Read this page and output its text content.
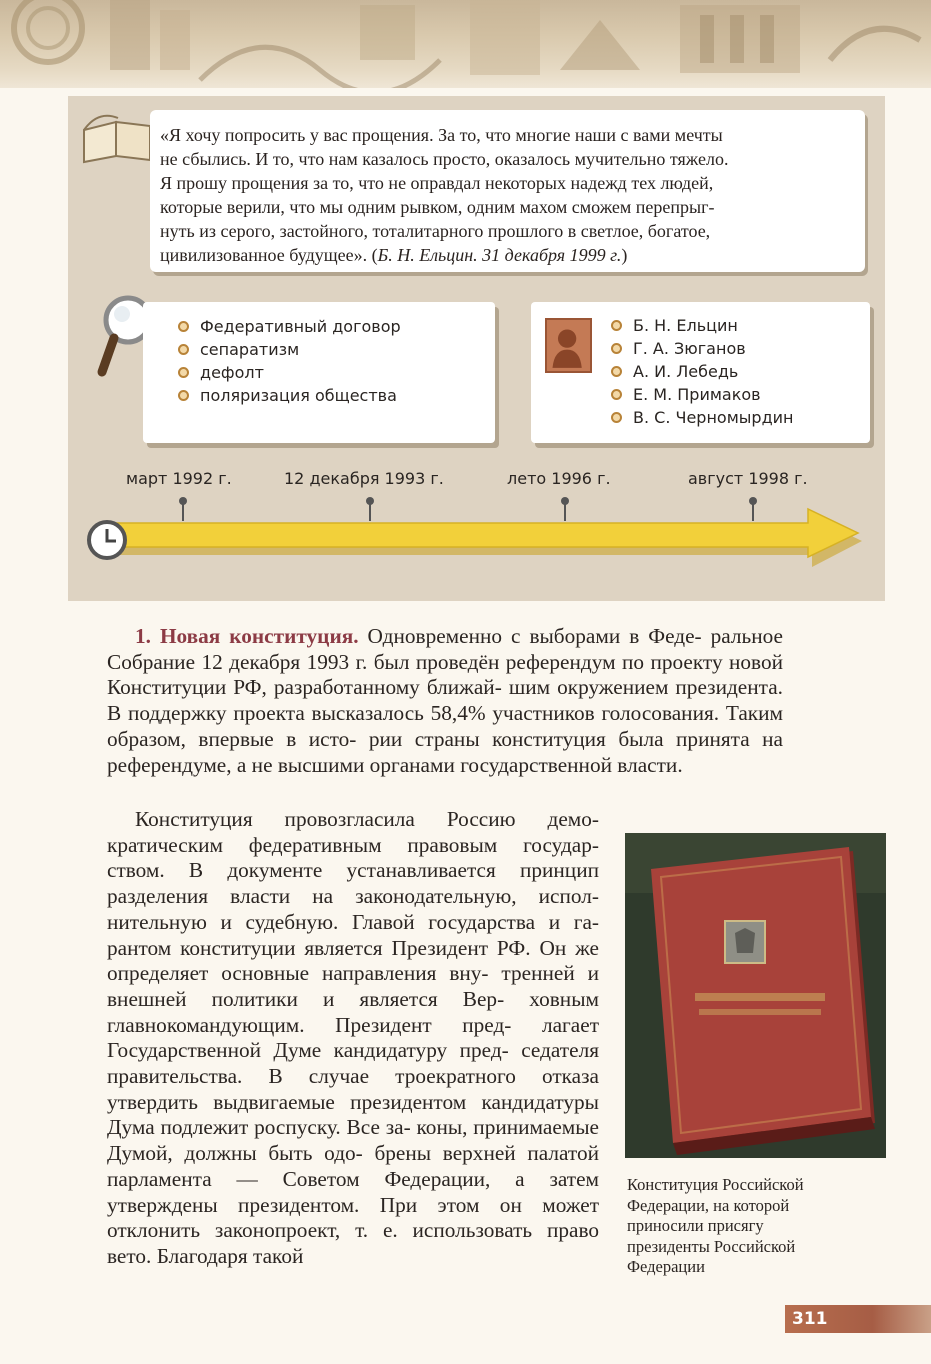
«Я хочу попросить у вас прощения. За то, что многие наши с вами мечты
не сбылись. И то, что нам казалось просто, оказалось мучительно тяжело.
Я прошу прощения за то, что не оправдал некоторых надежд тех людей,
которые верили, что мы одним рывком, одним махом сможем перепрыг-
нуть из серого, застойного, тоталитарного прошлого в светлое, богатое,
цивилизованное будущее». (Б. Н. Ельцин. 31 декабря 1999 г.)

Федеративный договор
сепаратизм
дефолт
поляризация общества
Б. Н. Ельцин
Г. А. Зюганов
А. И. Лебедь
Е. М. Примаков
В. С. Черномырдин
март 1992 г.	12 декабря 1993 г.	лето 1996 г.	август 1998 г.

1. Новая конституция. Одновременно с выборами в Феде- ральное Собрание 12 декабря 1993 г. был проведён референдум по проекту новой Конституции РФ, разработанному ближай- шим окружением президента. В поддержку проекта высказалось 58,4% участников голосования. Таким образом, впервые в исто- рии страны конституция была принята на референдуме, а не высшими органами государственной власти.

Конституция провозгласила Россию демо- кратическим федеративным правовым государ- ством. В документе устанавливается принцип разделения власти на законодательную, испол- нительную и судебную. Главой государства и га- рантом конституции является Президент РФ. Он же определяет основные направления вну- тренней и внешней политики и является Вер- ховным главнокомандующим. Президент пред- лагает Государственной Думе кандидатуру пред- седателя правительства. В случае троекратного отказа утвердить выдвигаемые президентом кандидатуры Дума подлежит роспуску. Все за- коны, принимаемые Думой, должны быть одо- брены верхней палатой парламента — Советом Федерации, а затем утверждены президентом. При этом он может отклонить законопроект, т. е. использовать право вето. Благодаря такой

Конституция Российской
Федерации, на которой
приносили присягу
президенты Российской
Федерации

311
